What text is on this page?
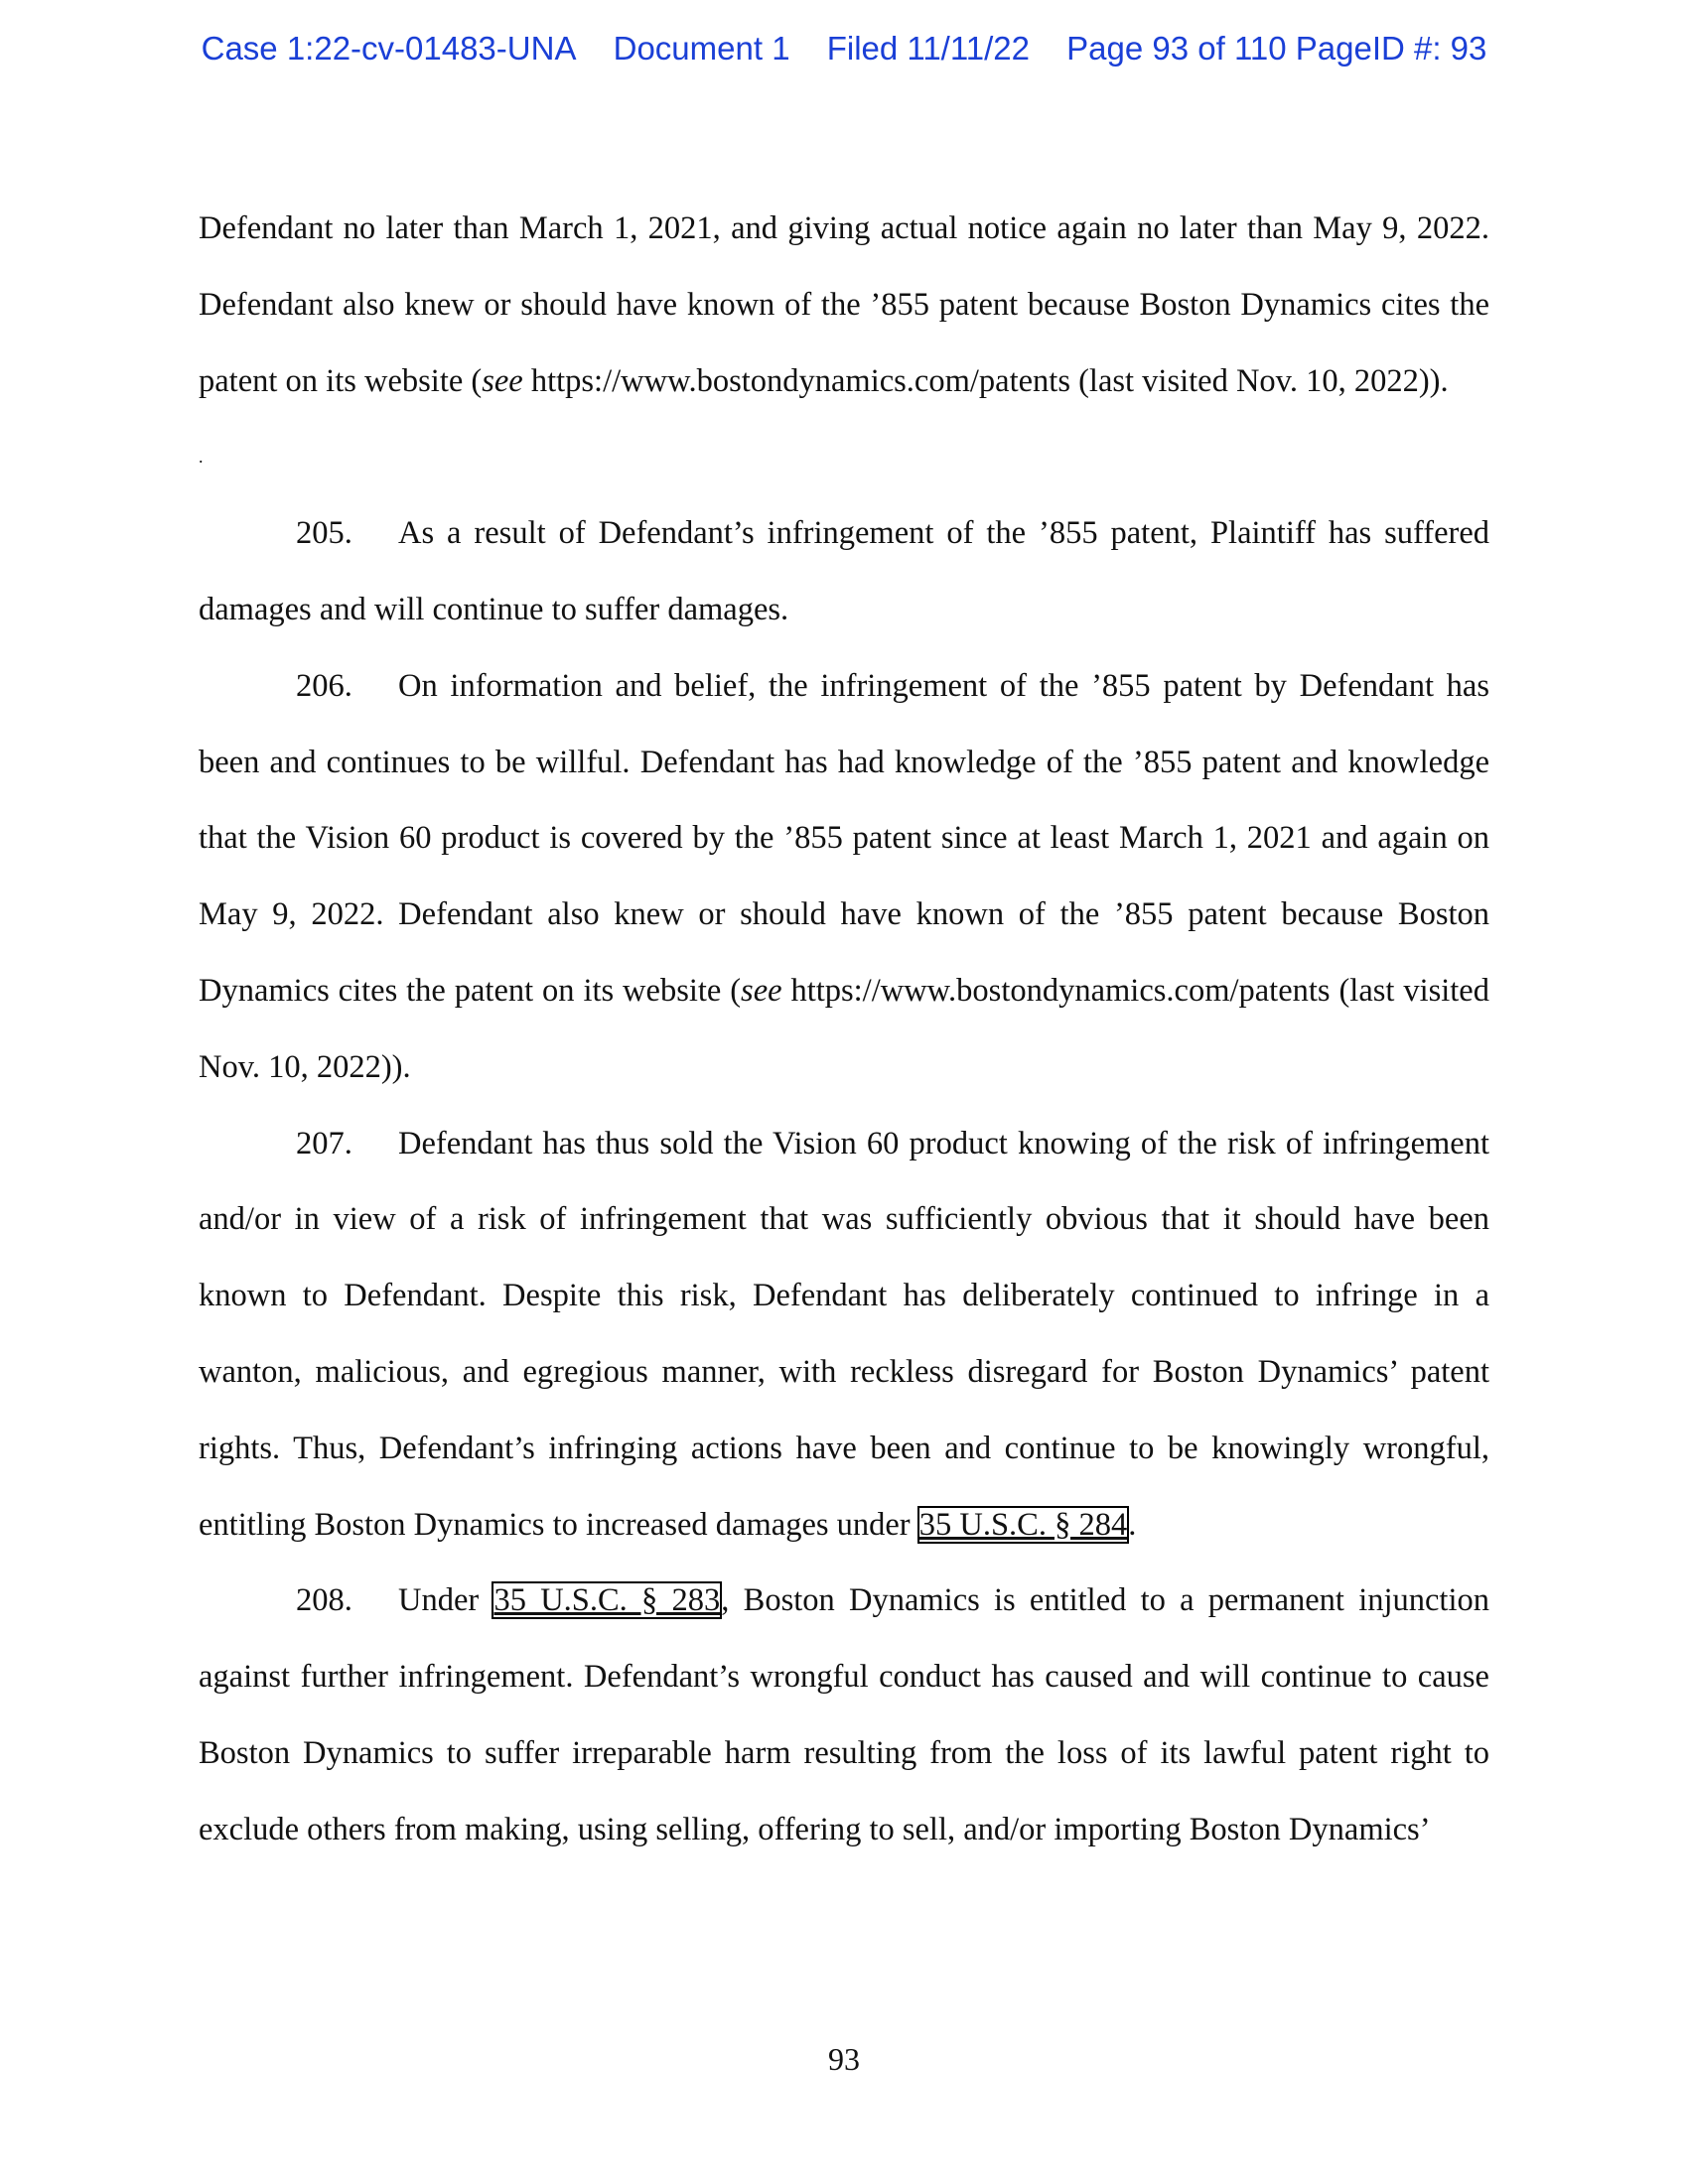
Case 1:22-cv-01483-UNA Document 1 Filed 11/11/22 Page 93 of 110 PageID #: 93

Defendant no later than March 1, 2021, and giving actual notice again no later than May 9, 2022. Defendant also knew or should have known of the ’855 patent because Boston Dynamics cites the patent on its website (see https://www.bostondynamics.com/patents (last visited Nov. 10, 2022)).

.

205. As a result of Defendant’s infringement of the ’855 patent, Plaintiff has suffered damages and will continue to suffer damages.

206. On information and belief, the infringement of the ’855 patent by Defendant has been and continues to be willful. Defendant has had knowledge of the ’855 patent and knowledge that the Vision 60 product is covered by the ’855 patent since at least March 1, 2021 and again on May 9, 2022. Defendant also knew or should have known of the ’855 patent because Boston Dynamics cites the patent on its website (see https://www.bostondynamics.com/patents (last visited Nov. 10, 2022)).

207. Defendant has thus sold the Vision 60 product knowing of the risk of infringement and/or in view of a risk of infringement that was sufficiently obvious that it should have been known to Defendant. Despite this risk, Defendant has deliberately continued to infringe in a wanton, malicious, and egregious manner, with reckless disregard for Boston Dynamics’ patent rights. Thus, Defendant’s infringing actions have been and continue to be knowingly wrongful, entitling Boston Dynamics to increased damages under 35 U.S.C. § 284.

208. Under 35 U.S.C. § 283, Boston Dynamics is entitled to a permanent injunction against further infringement. Defendant’s wrongful conduct has caused and will continue to cause Boston Dynamics to suffer irreparable harm resulting from the loss of its lawful patent right to exclude others from making, using selling, offering to sell, and/or importing Boston Dynamics’

93
